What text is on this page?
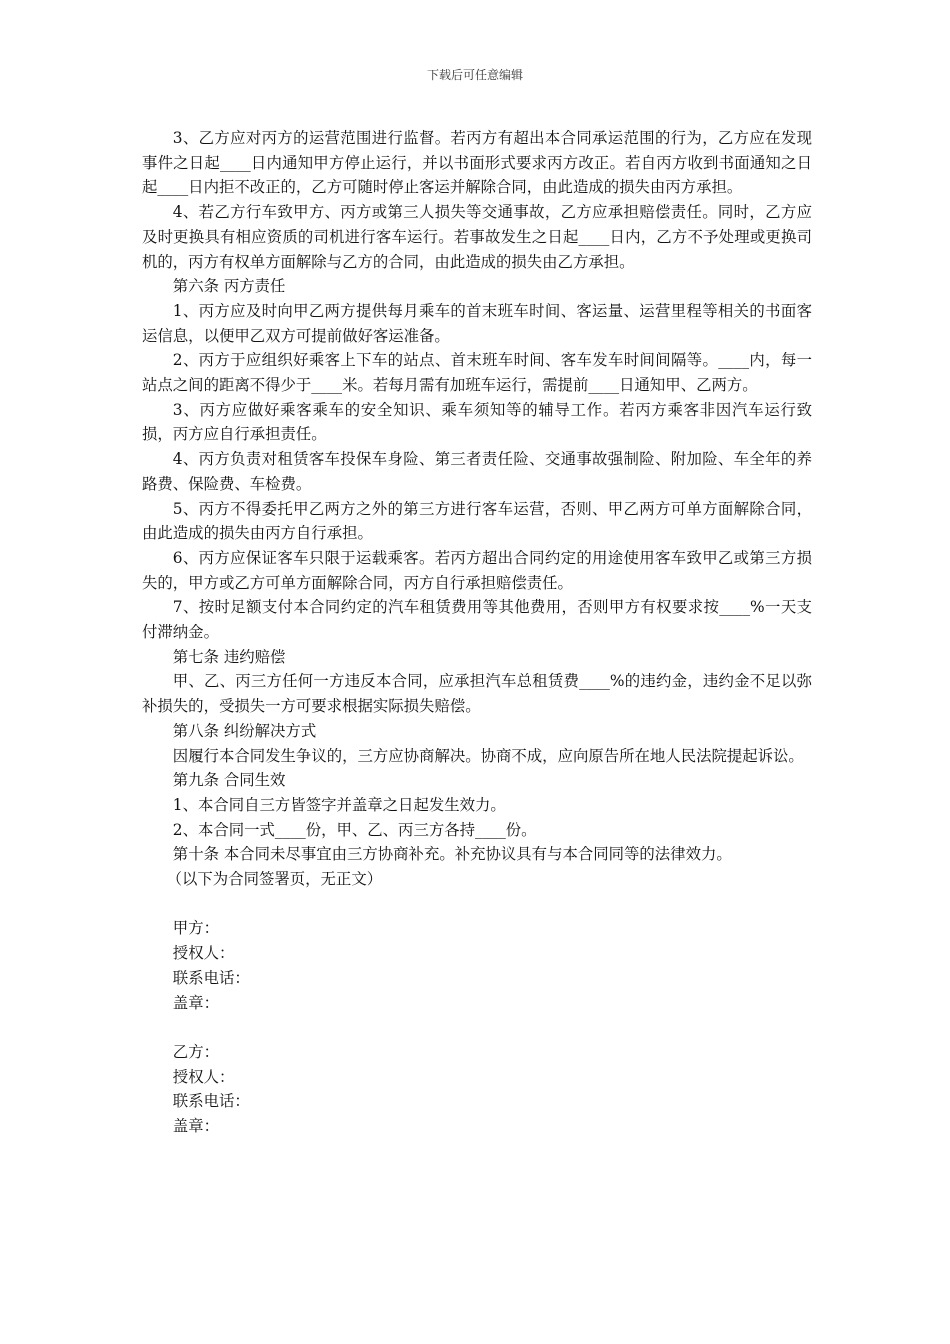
下载后可任意编辑

3、乙方应对丙方的运营范围进行监督。若丙方有超出本合同承运范围的行为，乙方应在发现事件之日起____日内通知甲方停止运行，并以书面形式要求丙方改正。若自丙方收到书面通知之日起____日内拒不改正的，乙方可随时停止客运并解除合同，由此造成的损失由丙方承担。

4、若乙方行车致甲方、丙方或第三人损失等交通事故，乙方应承担赔偿责任。同时，乙方应及时更换具有相应资质的司机进行客车运行。若事故发生之日起____日内，乙方不予处理或更换司机的，丙方有权单方面解除与乙方的合同，由此造成的损失由乙方承担。

第六条 丙方责任

1、丙方应及时向甲乙两方提供每月乘车的首末班车时间、客运量、运营里程等相关的书面客运信息，以便甲乙双方可提前做好客运准备。

2、丙方于应组织好乘客上下车的站点、首末班车时间、客车发车时间间隔等。____内，每一站点之间的距离不得少于____米。若每月需有加班车运行，需提前____日通知甲、乙两方。

3、丙方应做好乘客乘车的安全知识、乘车须知等的辅导工作。若丙方乘客非因汽车运行致损，丙方应自行承担责任。

4、丙方负责对租赁客车投保车身险、第三者责任险、交通事故强制险、附加险、车全年的养路费、保险费、车检费。

5、丙方不得委托甲乙两方之外的第三方进行客车运营，否则、甲乙两方可单方面解除合同，由此造成的损失由丙方自行承担。

6、丙方应保证客车只限于运载乘客。若丙方超出合同约定的用途使用客车致甲乙或第三方损失的，甲方或乙方可单方面解除合同，丙方自行承担赔偿责任。

7、按时足额支付本合同约定的汽车租赁费用等其他费用，否则甲方有权要求按____%一天支付滞纳金。

第七条 违约赔偿

甲、乙、丙三方任何一方违反本合同，应承担汽车总租赁费____%的违约金，违约金不足以弥补损失的，受损失一方可要求根据实际损失赔偿。

第八条 纠纷解决方式

因履行本合同发生争议的，三方应协商解决。协商不成，应向原告所在地人民法院提起诉讼。

第九条 合同生效

1、本合同自三方皆签字并盖章之日起发生效力。

2、本合同一式____份，甲、乙、丙三方各持____份。

第十条 本合同未尽事宜由三方协商补充。补充协议具有与本合同同等的法律效力。

（以下为合同签署页，无正文）

甲方：

授权人：

联系电话：

盖章：

乙方：

授权人：

联系电话：

盖章：
